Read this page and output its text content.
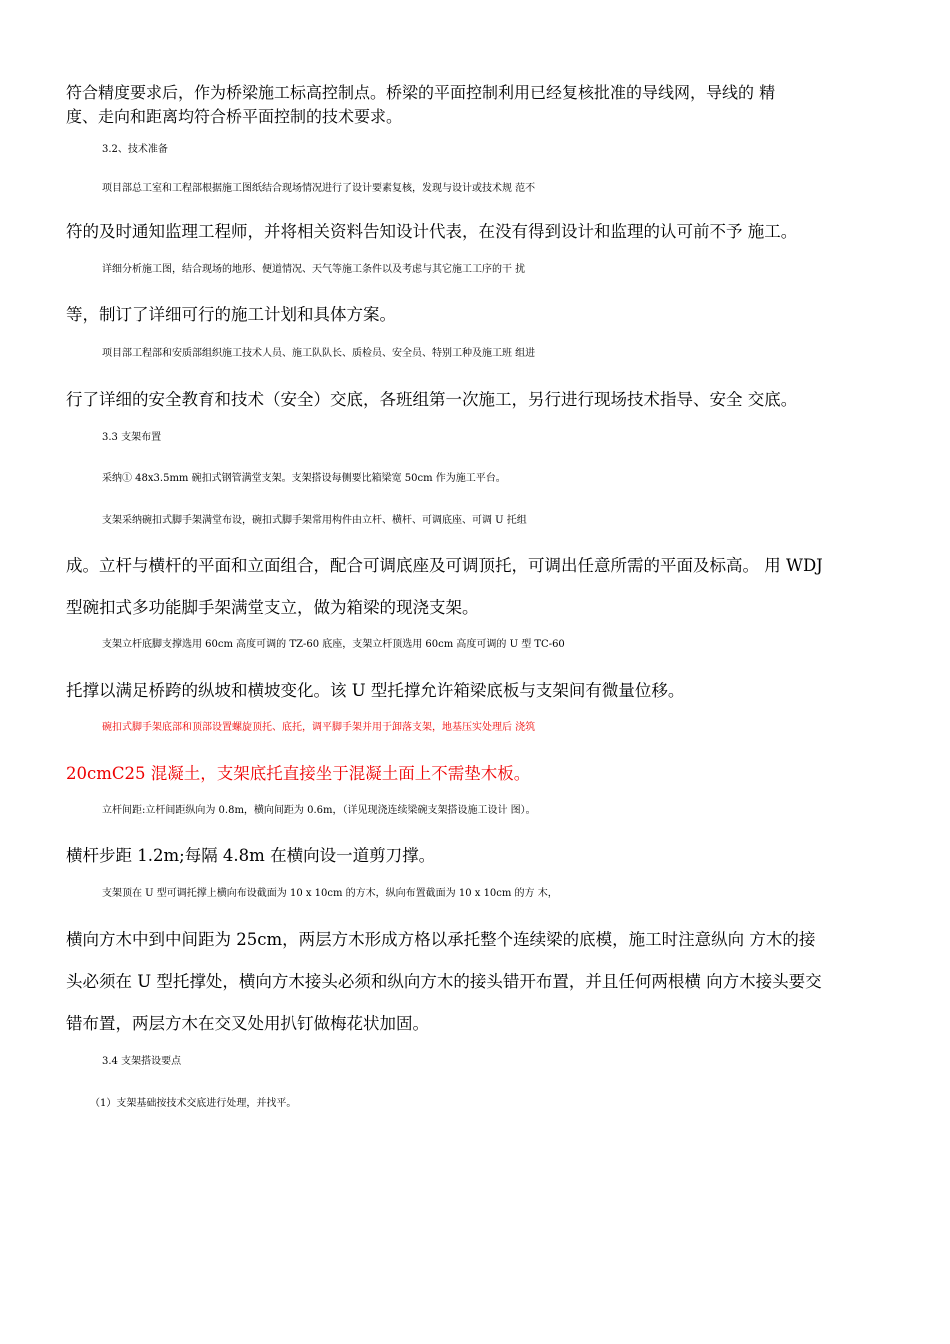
符合精度要求后，作为桥梁施工标高控制点。桥梁的平面控制利用已经复核批准的导线网，导线的 精

度、走向和距离均符合桥平面控制的技术要求。

3.2、技术准备

项目部总工室和工程部根据施工图纸结合现场情况进行了设计要素复核，发现与设计或技术规 范不

符的及时通知监理工程师，并将相关资料告知设计代表，在没有得到设计和监理的认可前不予 施工。

详细分析施工图，结合现场的地形、便道情况、天气等施工条件以及考虑与其它施工工序的干 扰

等，制订了详细可行的施工计划和具体方案。

项目部工程部和安质部组织施工技术人员、施工队队长、质检员、安全员、特别工种及施工班 组进

行了详细的安全教育和技术（安全）交底，各班组第一次施工，另行进行现场技术指导、安全 交底。

3.3 支架布置

采纳① 48x3.5mm 碗扣式钢管满堂支架。支架搭设每侧要比箱梁宽 50cm 作为施工平台。

支架采纳碗扣式脚手架满堂布设，碗扣式脚手架常用构件由立杆、横杆、可调底座、可调 U 托组

成。立杆与横杆的平面和立面组合，配合可调底座及可调顶托，可调出任意所需的平面及标高。 用 WDJ

型碗扣式多功能脚手架满堂支立，做为箱梁的现浇支架。

支架立杆底脚支撑选用 60cm 高度可调的 TZ-60 底座，支架立杆顶选用 60cm 高度可调的 U 型 TC-60

托撑以满足桥跨的纵坡和横坡变化。该 U 型托撑允许箱梁底板与支架间有微量位移。

碗扣式脚手架底部和顶部设置螺旋顶托、底托，调平脚手架并用于卸落支架，地基压实处理后 浇筑

20cmC25 混凝土，支架底托直接坐于混凝土面上不需垫木板。

立杆间距:立杆间距纵向为 0.8m，横向间距为 0.6m，（详见现浇连续梁碗支架搭设施工设计 图）。

横杆步距 1.2m;每隔 4.8m 在横向设一道剪刀撑。

支架顶在 U 型可调托撑上横向布设截面为 10 x 10cm 的方木，纵向布置截面为 10 x 10cm 的方 木，

横向方木中到中间距为 25cm，两层方木形成方格以承托整个连续梁的底模，施工时注意纵向 方木的接

头必须在 U 型托撑处，横向方木接头必须和纵向方木的接头错开布置，并且任何两根横 向方木接头要交

错布置，两层方木在交叉处用扒钉做梅花状加固。

3.4 支架搭设要点

（1）支架基础按技术交底进行处理，并找平。
